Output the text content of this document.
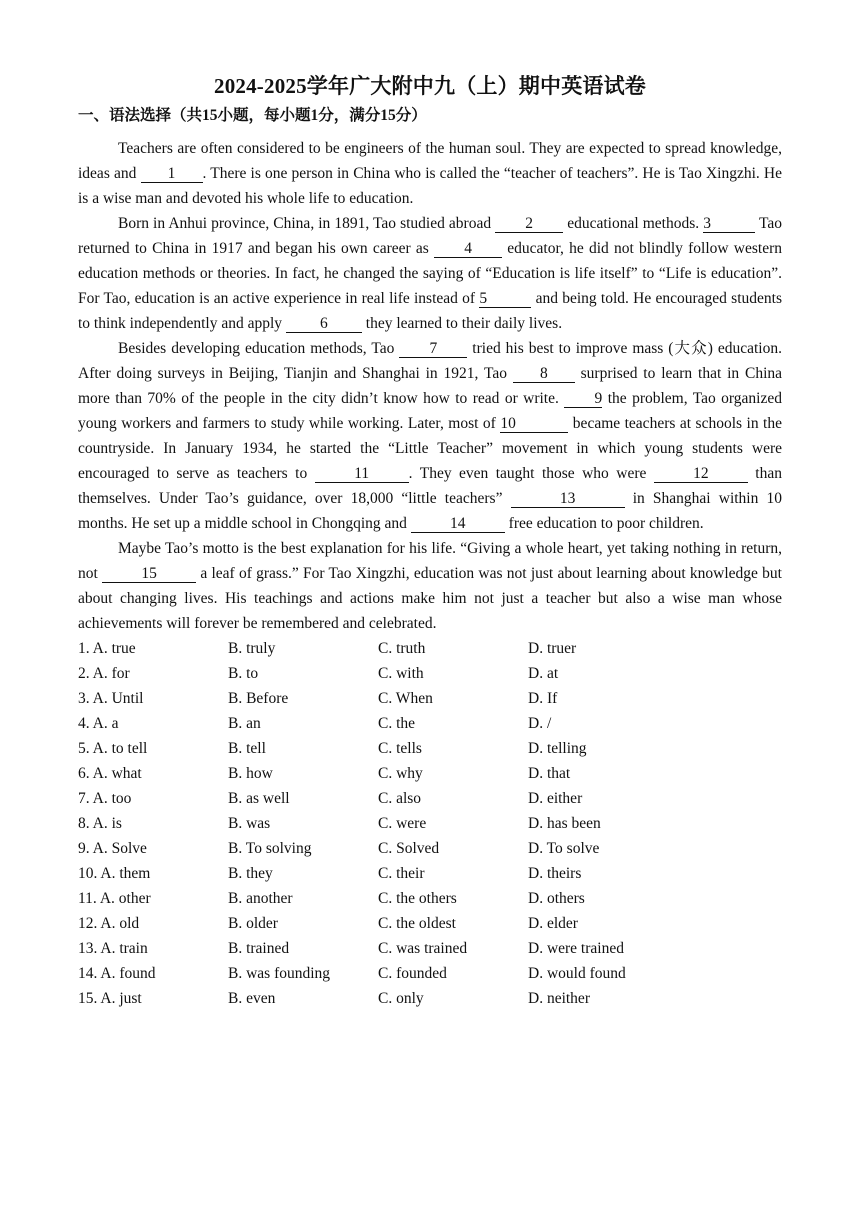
2024-2025学年广大附中九（上）期中英语试卷
一、语法选择（共15小题，每小题1分，满分15分）

Teachers are often considered to be engineers of the human soul. They are expected to spread knowledge, ideas and 1 . There is one person in China who is called the “teacher of teachers”. He is Tao Xingzhi. He is a wise man and devoted his whole life to education.

Born in Anhui province, China, in 1891, Tao studied abroad 2 educational methods. 3	Tao returned to China in 1917 and began his own career as 4 educator, he did not blindly follow western education methods or theories. In fact, he changed the saying of “Education is life itself” to “Life is education”. For Tao, education is an active experience in real life instead of 5	and being told. He encouraged students to think independently and apply 6 they learned to their daily lives.

Besides developing education methods, Tao 7 tried his best to improve mass (大众) education. After doing surveys in Beijing, Tianjin and Shanghai in 1921, Tao 8 surprised to learn that in China more than 70% of the people in the city didn’t know how to read or write. 9 the problem, Tao organized young workers and farmers to study while working. Later, most of 10	became teachers at schools in the countryside. In January 1934, he started the “Little Teacher” movement in which young students were encouraged to serve as teachers to	11	. They even taught those who were	12	than themselves. Under Tao’s guidance, over 18,000 “little teachers”	13	in Shanghai within 10 months. He set up a middle school in Chongqing and	14	free education to poor children.

Maybe Tao’s motto is the best explanation for his life. “Giving a whole heart, yet taking nothing in return, not	15	a leaf of grass.” For Tao Xingzhi, education was not just about learning about knowledge but about changing lives. His teachings and actions make him not just a teacher but also a wise man whose achievements will forever be remembered and celebrated.

1. A. true	B. truly	C. truth	D. truer
2. A. for	B. to	C. with	D. at
3. A. Until	B. Before	C. When	D. If
4. A. a	B. an	C. the	D. /
5. A. to tell	B. tell	C. tells	D. telling
6. A. what	B. how	C. why	D. that
7. A. too	B. as well	C. also	D. either
8. A. is	B. was	C. were	D. has been
9. A. Solve	B. To solving	C. Solved	D. To solve
10. A. them	B. they	C. their	D. theirs
11. A. other	B. another	C. the others	D. others
12. A. old	B. older	C. the oldest	D. elder
13. A. train	B. trained	C. was trained	D. were trained
14. A. found	B. was founding	C. founded	D. would found
15. A. just	B. even	C. only	D. neither
